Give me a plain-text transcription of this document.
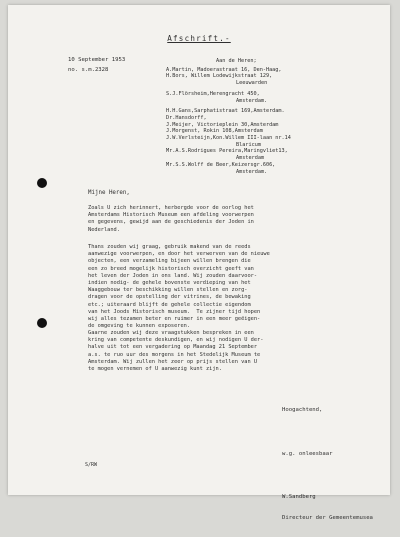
Afschrift.-
10 September 1953
no. s.m.2328
Aan de Heren;
A.Martin, Madoerastraat 16, Den-Haag,
H.Bors, Willem Lodewijkstraat 129,
Leeuwarden
S.J.Flörsheim,Herengracht 450,
Amsterdam.
H.H.Gans,Sarphatistraat 169,Amsterdam.
Dr.Hansdorff,
J.Meijer, Victorieplein 30,Amsterdam
J.Morgenst, Rokin 108,Amsterdam
J.W.Verlsteijn,Kon.Willem III-laan nr.14
Blaricum
Mr.A.S.Rodrigues Pereira,Maringvliet13,
Amsterdam
Mr.S.S.Wolff de Beer,Keizersgr.606,
Amsterdam.
Mijne Heren,
Zoals U zich herinnert, herbergde voor de oorlog het
Amsterdams Historisch Museum een afdeling voorwerpen
en gegevens, gewijd aan de geschiedenis der Joden in
Nederland.
Thans zouden wij graag, gebruik makend van de reeds
aanwezige voorwerpen, en door het verwerven van de nieuwe
objecten, een verzameling bijeen willen brengen die
een zo breed mogelijk historisch overzicht geeft van
het leven der Joden in ons land. Wij zouden daarvoor-
indien nodig- de gehele bovenste verdieping van het
Waaggebouw ter beschikking willen stellen en zorg-
dragen voor de opstelling der vitrines, de bewaking
etc.; uiteraard blijft de gehele collectie eigendom
van het Joods Historisch museum.  Te zijner tijd hopen
wij alles tezamen beter en ruimer in een meer geëigen-
de omgeving te kunnen exposeren.
Gaarne zouden wij deze vraagstukken bespreken in een
kring van competente deskundigen, en wij nodigen U der-
halve uit tot een vergadering op Maandag 21 September
a.s. te ruo uur des morgens in het Stedelijk Museum te
Amsterdam. Wij zullen het zeer op prijs stellen van U
te mogen vernemen of U aanwezig kunt zijn.

Hoogachtend,

w.g. onleesbaar

W.Sandberg

Directeur der Gemeentemusea

S/RW
